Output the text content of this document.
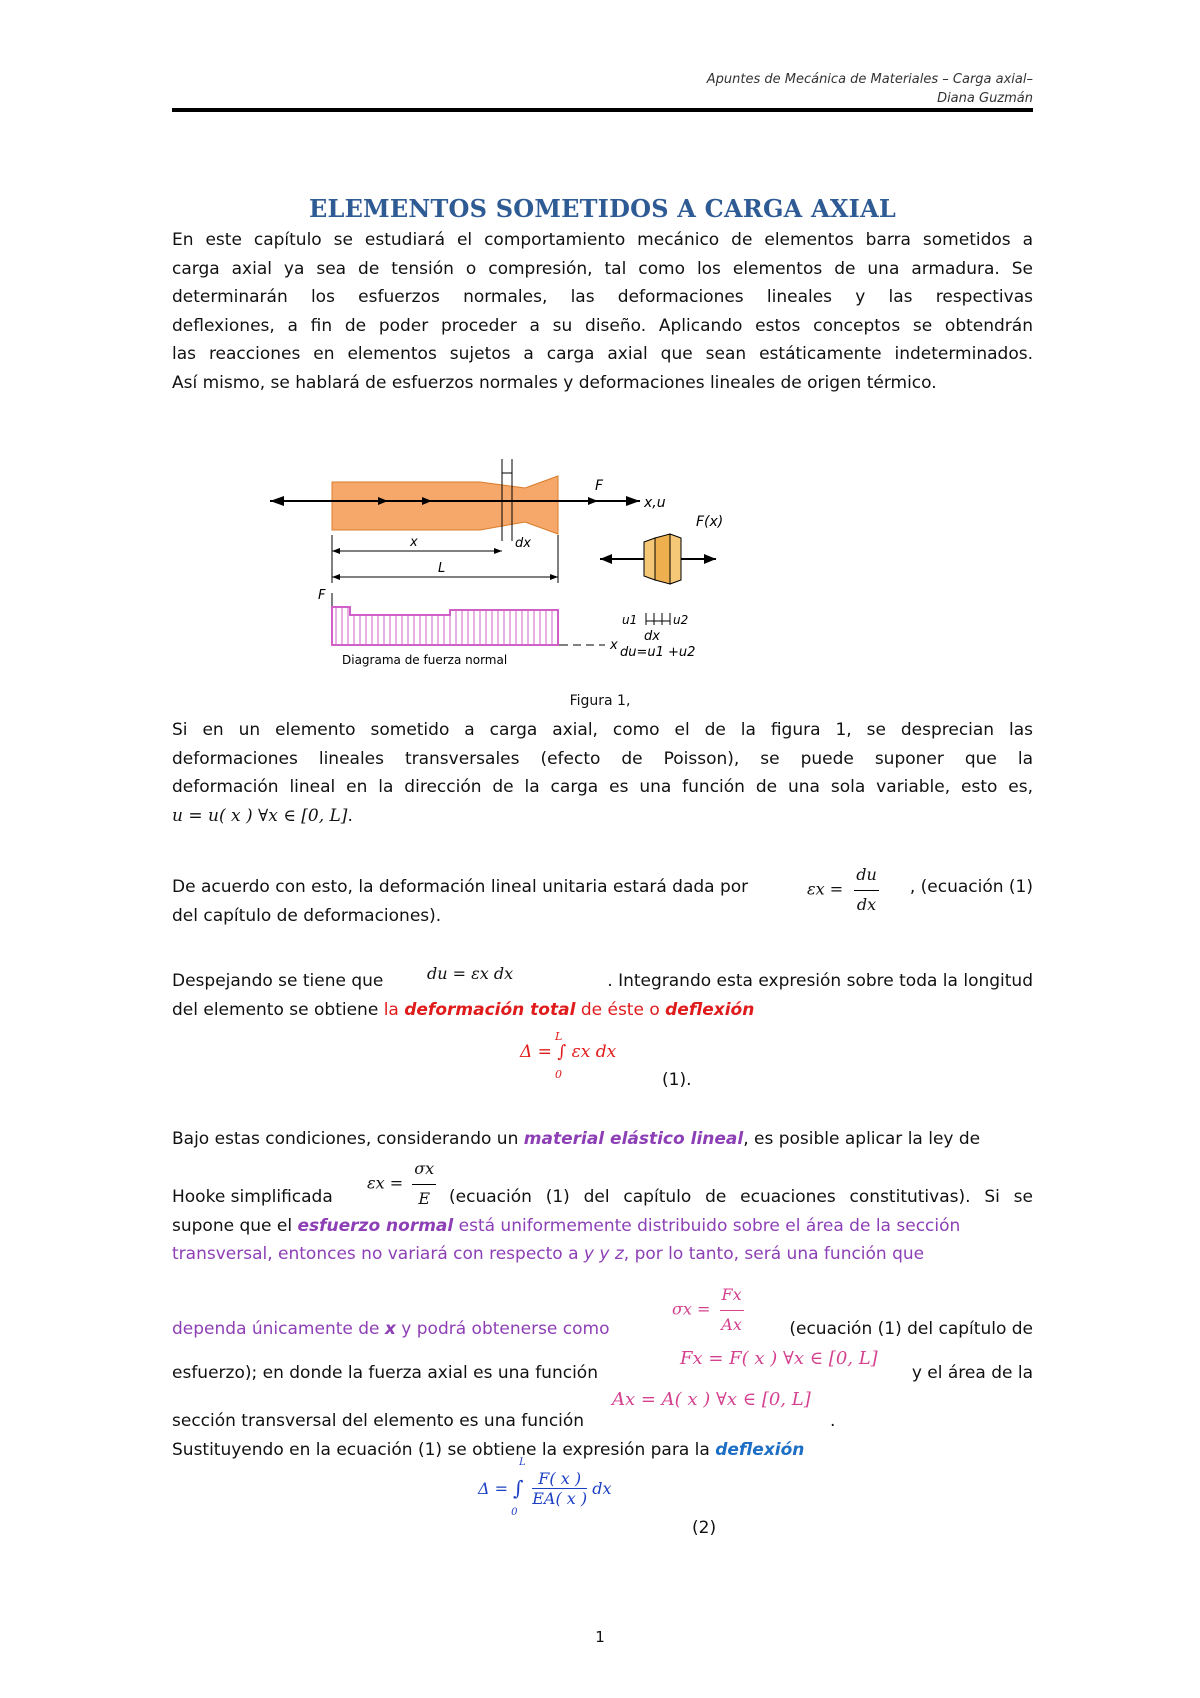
Apuntes de Mecánica de Materiales – Carga axial–
Diana Guzmán
ELEMENTOS SOMETIDOS A CARGA AXIAL
En este capítulo se estudiará el comportamiento mecánico de elementos barra sometidos a
carga axial ya sea de tensión o compresión, tal como los elementos de una armadura. Se
determinarán los esfuerzos normales, las deformaciones lineales y las respectivas
deflexiones, a fin de poder proceder a su diseño. Aplicando estos conceptos se obtendrán
las reacciones en elementos sujetos a carga axial que sean estáticamente indeterminados.
Así mismo, se hablará de esfuerzos normales y deformaciones lineales de origen térmico.
F
x,u
dx
x
L
F
x
Diagrama de fuerza normal
F(x)
u1	u2
dx
du=u1 +u2
Figura 1,
Si en un elemento sometido a carga axial, como el de la figura 1, se desprecian las
deformaciones lineales transversales (efecto de Poisson), se puede suponer que la
deformación lineal en la dirección de la carga es una función de una sola variable, esto es,
u = u( x ) ∀x ∈ [0, L].
De acuerdo con esto, la deformación lineal unitaria estará dada por	$\varepsilon x = \frac{du}{dx}$ , (ecuación (1)
del capítulo de deformaciones).
Despejando se tiene que	du = εx dx	. Integrando esta expresión sobre toda la longitud
del elemento se obtiene la deformación total de éste o deflexión
L
Δ = ∫ εx dx
0	(1).
Bajo estas condiciones, considerando un material elástico lineal, es posible aplicar la ley de
Hooke simplificada
$\varepsilon x = \frac{\sigma x}{E}$ (ecuación (1) del capítulo de ecuaciones constitutivas). Si se
supone que el esfuerzo normal está uniformemente distribuido sobre el área de la sección
transversal, entonces no variará con respecto a y y z, por lo tanto, será una función que
dependa únicamente de x y podrá obtenerse como
$\sigma x = \frac{Fx}{Ax}$	(ecuación (1) del capítulo de
esfuerzo); en donde la fuerza axial es una función
Fx = F( x ) ∀x ∈ [0, L]
y el área de la
sección transversal del elemento es una función
Ax = A( x ) ∀x ∈ [0, L]
.
Sustituyendo en la ecuación (1) se obtiene la expresión para la deflexión
Δ = ∫
L
0

$\frac{F( x )}{EA( x )}$ dx
(2)
1
